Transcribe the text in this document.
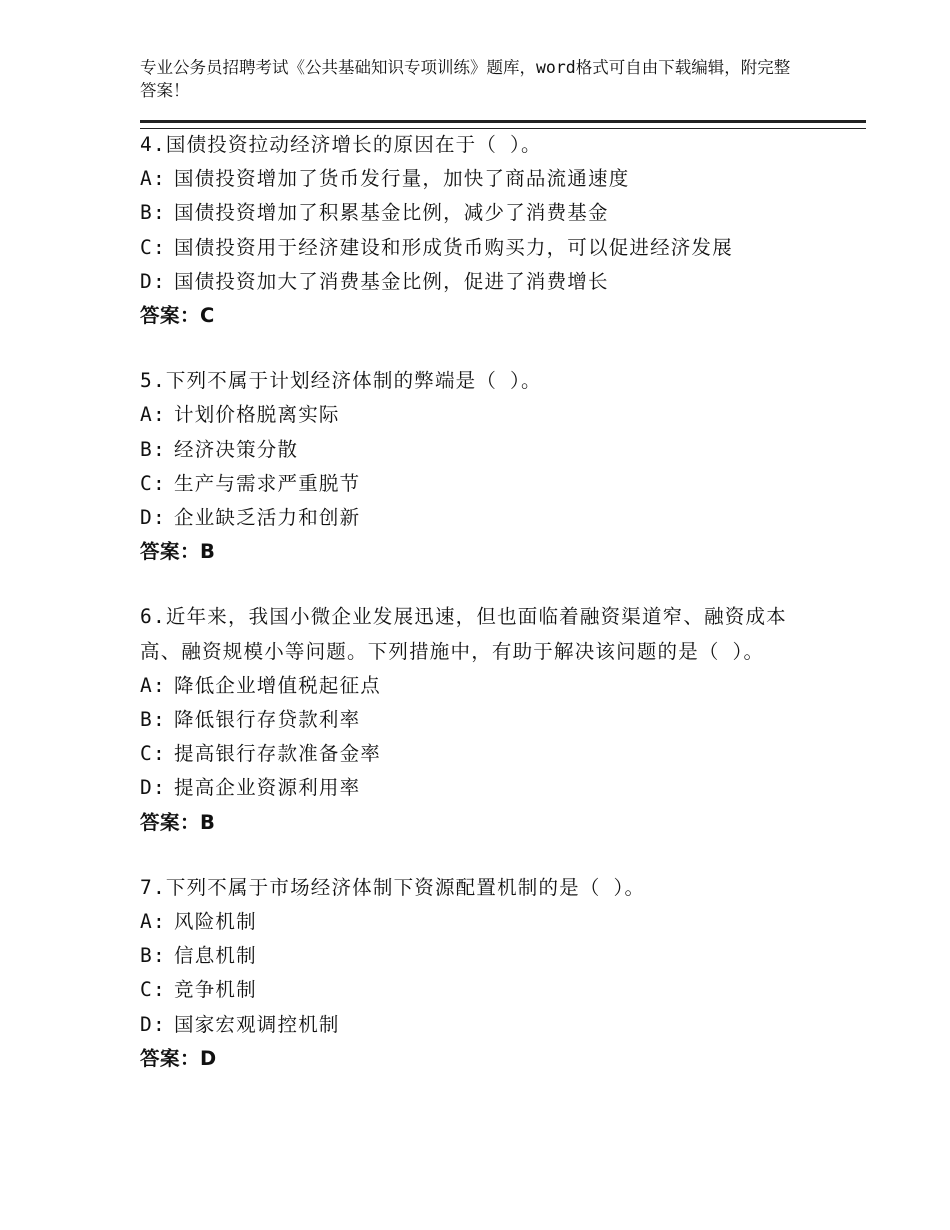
专业公务员招聘考试《公共基础知识专项训练》题库，word格式可自由下载编辑，附完整答案！
4.国债投资拉动经济增长的原因在于（ ）。
A: 国债投资增加了货币发行量，加快了商品流通速度
B: 国债投资增加了积累基金比例，减少了消费基金
C: 国债投资用于经济建设和形成货币购买力，可以促进经济发展
D: 国债投资加大了消费基金比例，促进了消费增长
答案：C
5.下列不属于计划经济体制的弊端是（ ）。
A: 计划价格脱离实际
B: 经济决策分散
C: 生产与需求严重脱节
D: 企业缺乏活力和创新
答案：B
6.近年来，我国小微企业发展迅速，但也面临着融资渠道窄、融资成本高、融资规模小等问题。下列措施中，有助于解决该问题的是（ ）。
A: 降低企业增值税起征点
B: 降低银行存贷款利率
C: 提高银行存款准备金率
D: 提高企业资源利用率
答案：B
7.下列不属于市场经济体制下资源配置机制的是（ ）。
A: 风险机制
B: 信息机制
C: 竞争机制
D: 国家宏观调控机制
答案：D
